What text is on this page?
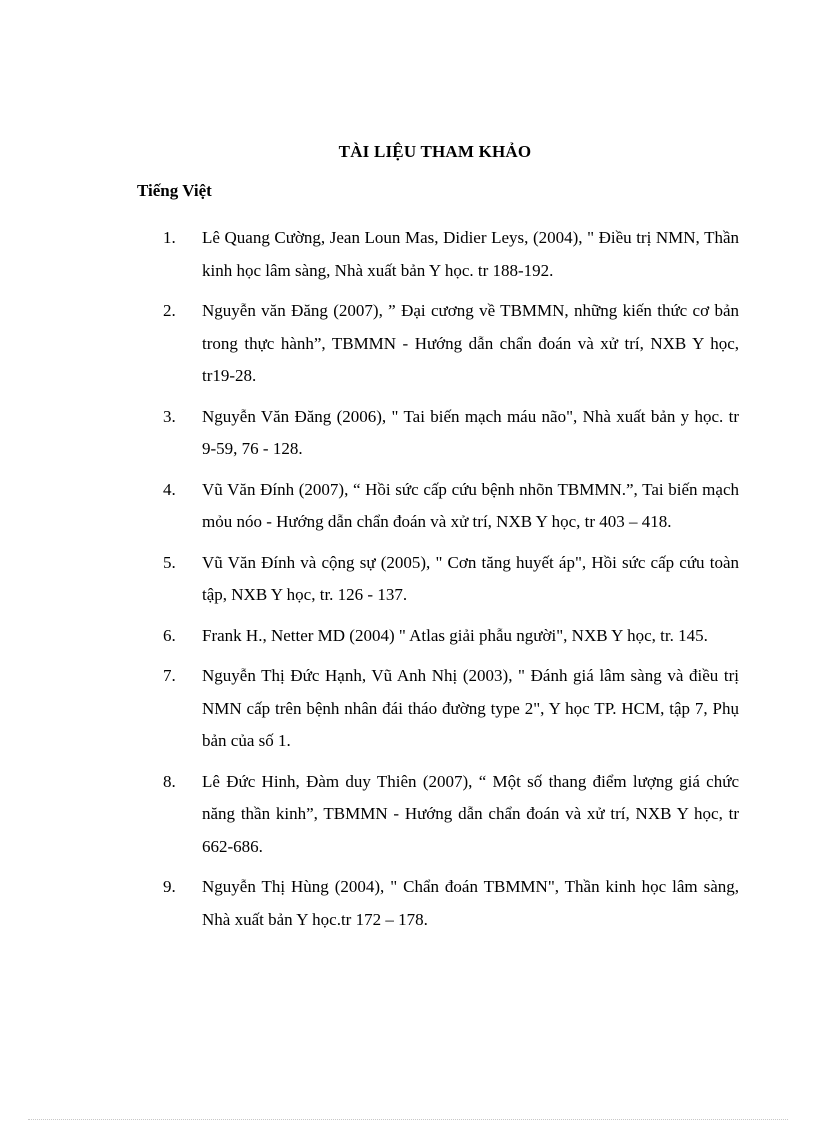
TÀI LIỆU THAM KHẢO
Tiếng Việt
1. Lê Quang Cường, Jean Loun Mas, Didier Leys, (2004), " Điều trị NMN, Thần kinh học lâm sàng, Nhà xuất bản Y học. tr 188-192.
2. Nguyễn văn Đăng (2007), ” Đại cương về TBMMN, những kiến thức cơ bản trong thực hành”, TBMMN - Hướng dẫn chẩn đoán và xử trí, NXB Y học, tr19-28.
3. Nguyễn Văn Đăng (2006), " Tai biến mạch máu não", Nhà xuất bản y học. tr 9-59, 76 - 128.
4. Vũ Văn Đính (2007), “ Hồi sức cấp cứu bệnh nhõn TBMMN.”, Tai biến mạch mỏu nóo - Hướng dẫn chẩn đoán và xử trí, NXB Y học, tr 403 – 418.
5. Vũ Văn Đính và cộng sự (2005), " Cơn tăng huyết áp", Hồi sức cấp cứu toàn tập, NXB Y học, tr. 126 - 137.
6. Frank H., Netter MD (2004) " Atlas giải phẫu người", NXB Y học, tr. 145.
7. Nguyễn Thị Đức Hạnh, Vũ Anh Nhị (2003), " Đánh giá lâm sàng và điều trị NMN cấp trên bệnh nhân đái tháo đường type 2", Y học TP. HCM, tập 7, Phụ bản của số 1.
8. Lê Đức Hinh, Đàm duy Thiên (2007), “ Một số thang điểm lượng giá chức năng thần kinh”, TBMMN - Hướng dẫn chẩn đoán và xử trí, NXB Y học, tr 662-686.
9. Nguyễn Thị Hùng (2004), " Chẩn đoán TBMMN", Thần kinh học lâm sàng, Nhà xuất bản Y học.tr 172 – 178.
